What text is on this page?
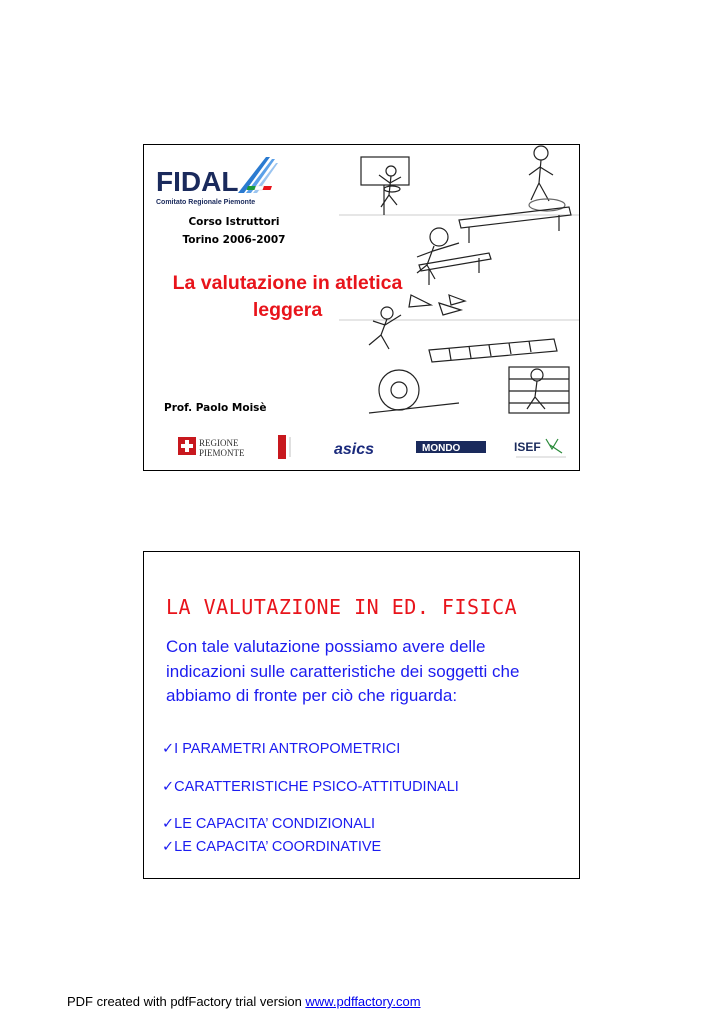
FIDAL
Comitato Regionale Piemonte
Corso Istruttori
Torino 2006-2007
La valutazione in atletica
leggera
Prof. Paolo Moisè
REGIONE
PIEMONTE	asics	MONDO	ISEF
LA VALUTAZIONE IN ED. FISICA
Con tale valutazione possiamo avere delle indicazioni sulle caratteristiche dei soggetti che abbiamo di fronte per ciò che riguarda:
✓I PARAMETRI ANTROPOMETRICI
✓CARATTERISTICHE PSICO-ATTITUDINALI
✓LE CAPACITA’ CONDIZIONALI
✓LE CAPACITA’ COORDINATIVE
PDF created with pdfFactory trial version www.pdffactory.com
